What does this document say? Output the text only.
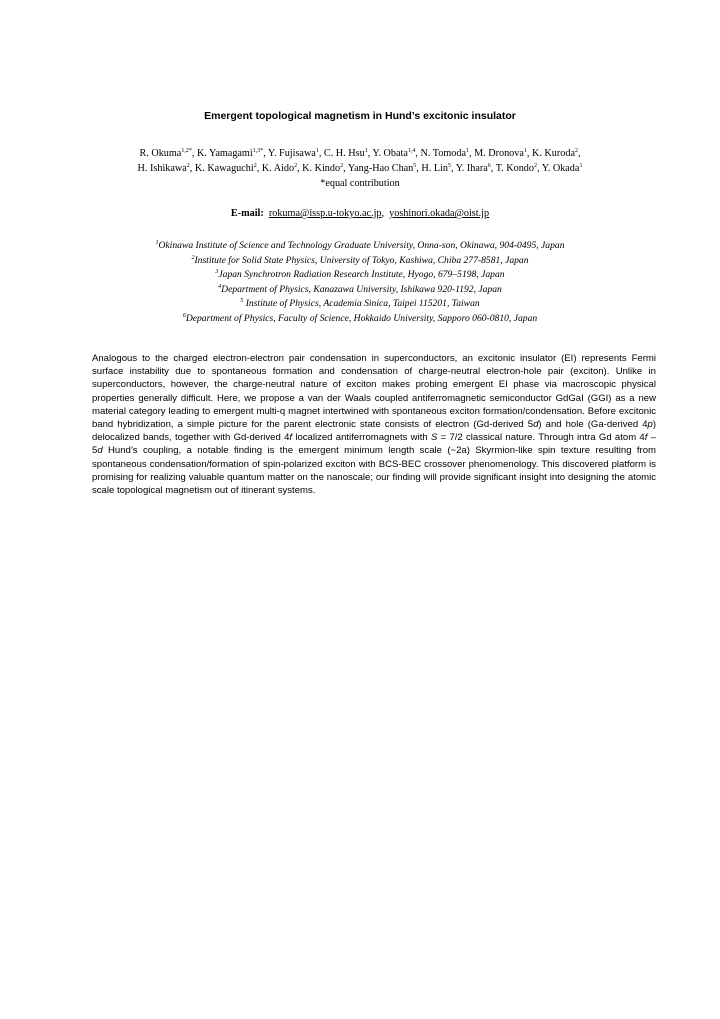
Emergent topological magnetism in Hund’s excitonic insulator
R. Okuma$^{1,2*}$, K. Yamagami$^{1,3*}$, Y. Fujisawa$^1$, C. H. Hsu$^1$, Y. Obata$^{1,4}$, N. Tomoda$^1$, M. Dronova$^1$, K. Kuroda$^2$,
H. Ishikawa$^2$, K. Kawaguchi$^2$, K. Aido$^2$, K. Kindo$^2$, Yang-Hao Chan$^5$, H. Lin$^5$, Y. Ihara$^6$, T. Kondo$^2$, Y. Okada$^1$
*equal contribution
E-mail: rokuma@issp.u-tokyo.ac.jp,  yoshinori.okada@oist.jp
$^1$Okinawa Institute of Science and Technology Graduate University, Onna-son, Okinawa, 904-0495, Japan
$^2$Institute for Solid State Physics, University of Tokyo, Kashiwa, Chiba 277-8581, Japan
$^3$Japan Synchrotron Radiation Research Institute, Hyogo, 679–5198, Japan
$^4$Department of Physics, Kanazawa University, Ishikawa 920-1192, Japan
$^5$ Institute of Physics, Academia Sinica, Taipei 115201, Taiwan
$^6$Department of Physics, Faculty of Science, Hokkaido University, Sapporo 060-0810, Japan
Analogous to the charged electron-electron pair condensation in superconductors, an excitonic insulator (EI) represents Fermi surface instability due to spontaneous formation and condensation of charge-neutral electron-hole pair (exciton). Unlike in superconductors, however, the charge-neutral nature of exciton makes probing emergent EI phase via macroscopic physical properties generally difficult. Here, we propose a van der Waals coupled antiferromagnetic semiconductor GdGaI (GGI) as a new material category leading to emergent multi-q magnet intertwined with spontaneous exciton formation/condensation. Before excitonic band hybridization, a simple picture for the parent electronic state consists of electron (Gd-derived 5d) and hole (Ga-derived 4p) delocalized bands, together with Gd-derived 4f localized antiferromagnets with S = 7/2 classical nature. Through intra Gd atom 4f – 5d Hund’s coupling, a notable finding is the emergent minimum length scale (~2a) Skyrmion-like spin texture resulting from spontaneous condensation/formation of spin-polarized exciton with BCS-BEC crossover phenomenology. This discovered platform is promising for realizing valuable quantum matter on the nanoscale; our finding will provide significant insight into designing the atomic scale topological magnetism out of itinerant systems.
